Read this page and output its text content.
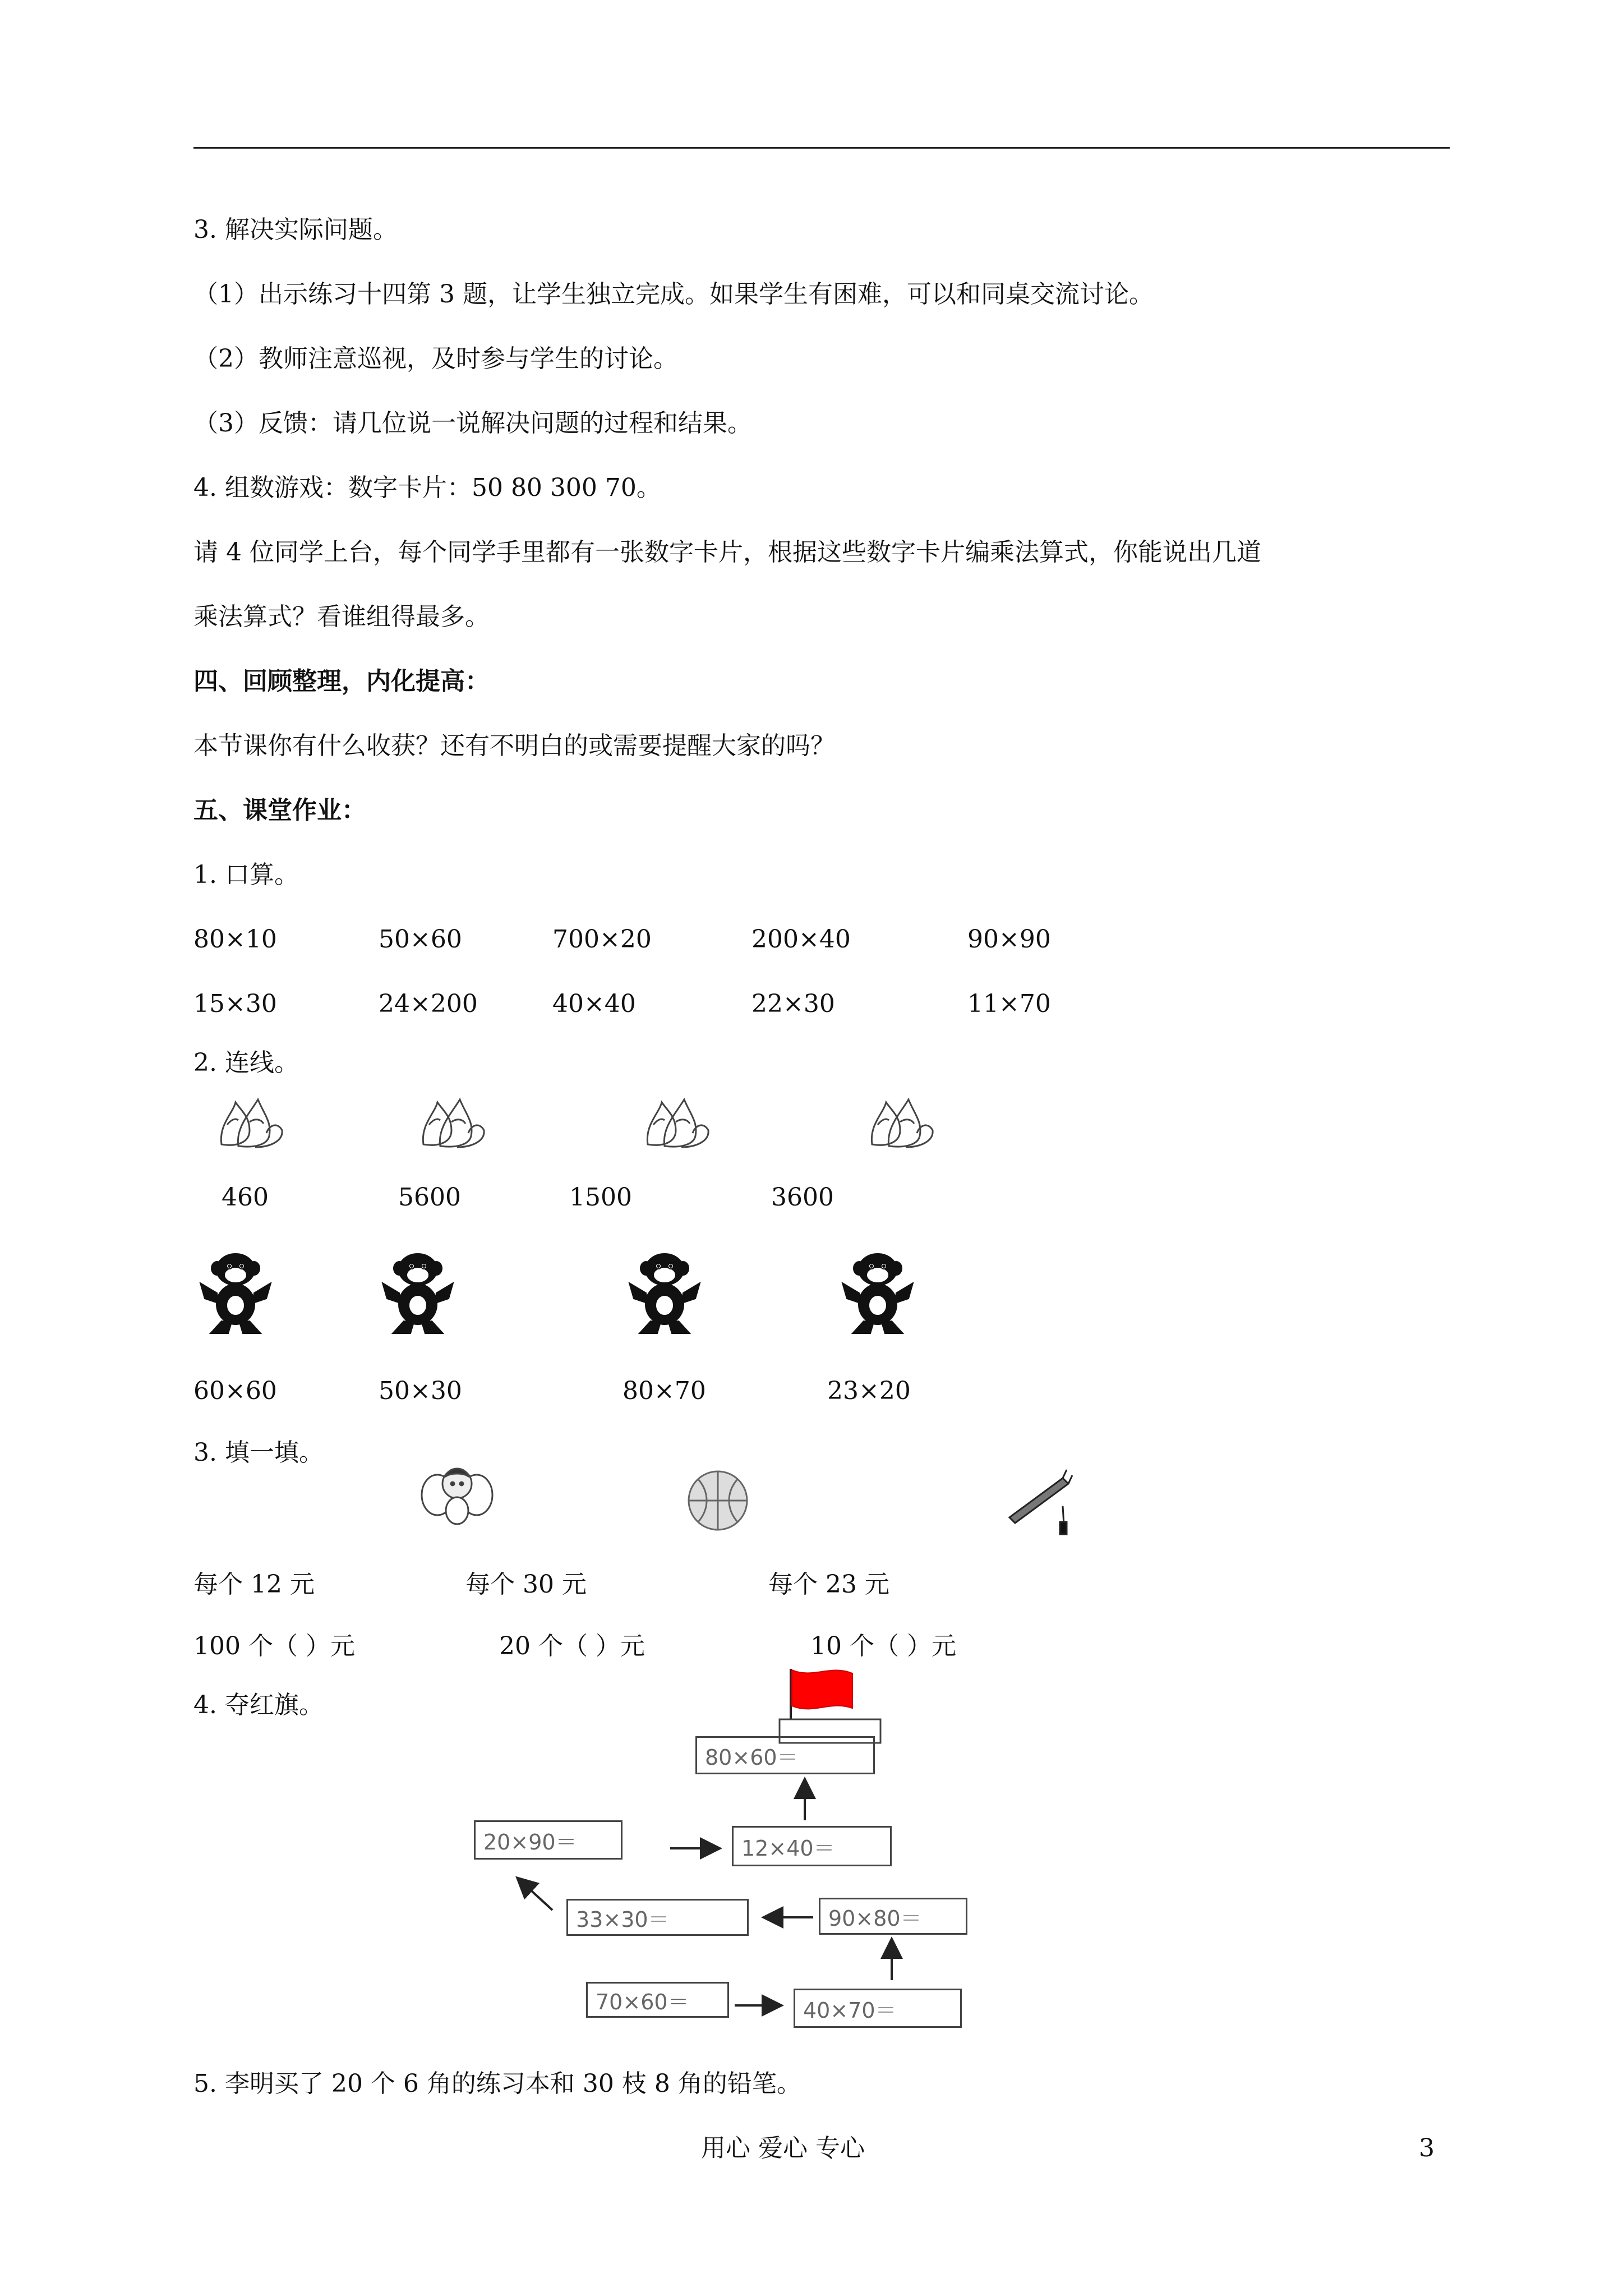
3. 解决实际问题。
（1）出示练习十四第 3 题，让学生独立完成。如果学生有困难，可以和同桌交流讨论。
（2）教师注意巡视，及时参与学生的讨论。
（3）反馈：请几位说一说解决问题的过程和结果。
4. 组数游戏：数字卡片：50 80 300 70。
请 4 位同学上台，每个同学手里都有一张数字卡片，根据这些数字卡片编乘法算式，你能说出几道
乘法算式？看谁组得最多。
四、回顾整理，内化提高：
本节课你有什么收获？还有不明白的或需要提醒大家的吗？
五、课堂作业：
1. 口算。
80×10	50×60	700×20	200×40	90×90
15×30	24×200	40×40	22×30	11×70
2. 连线。
460	5600	1500	3600
60×60	50×30	80×70	23×20
3. 填一填。
每个 12 元	每个 30 元	每个 23 元
100 个（ ）元	20 个（ ）元	10 个（ ）元
4. 夺红旗。
80×60＝
20×90＝	12×40＝
33×30＝	90×80＝
70×60＝	40×70＝
5. 李明买了 20 个 6 角的练习本和 30 枝 8 角的铅笔。
用心 爱心 专心	3
